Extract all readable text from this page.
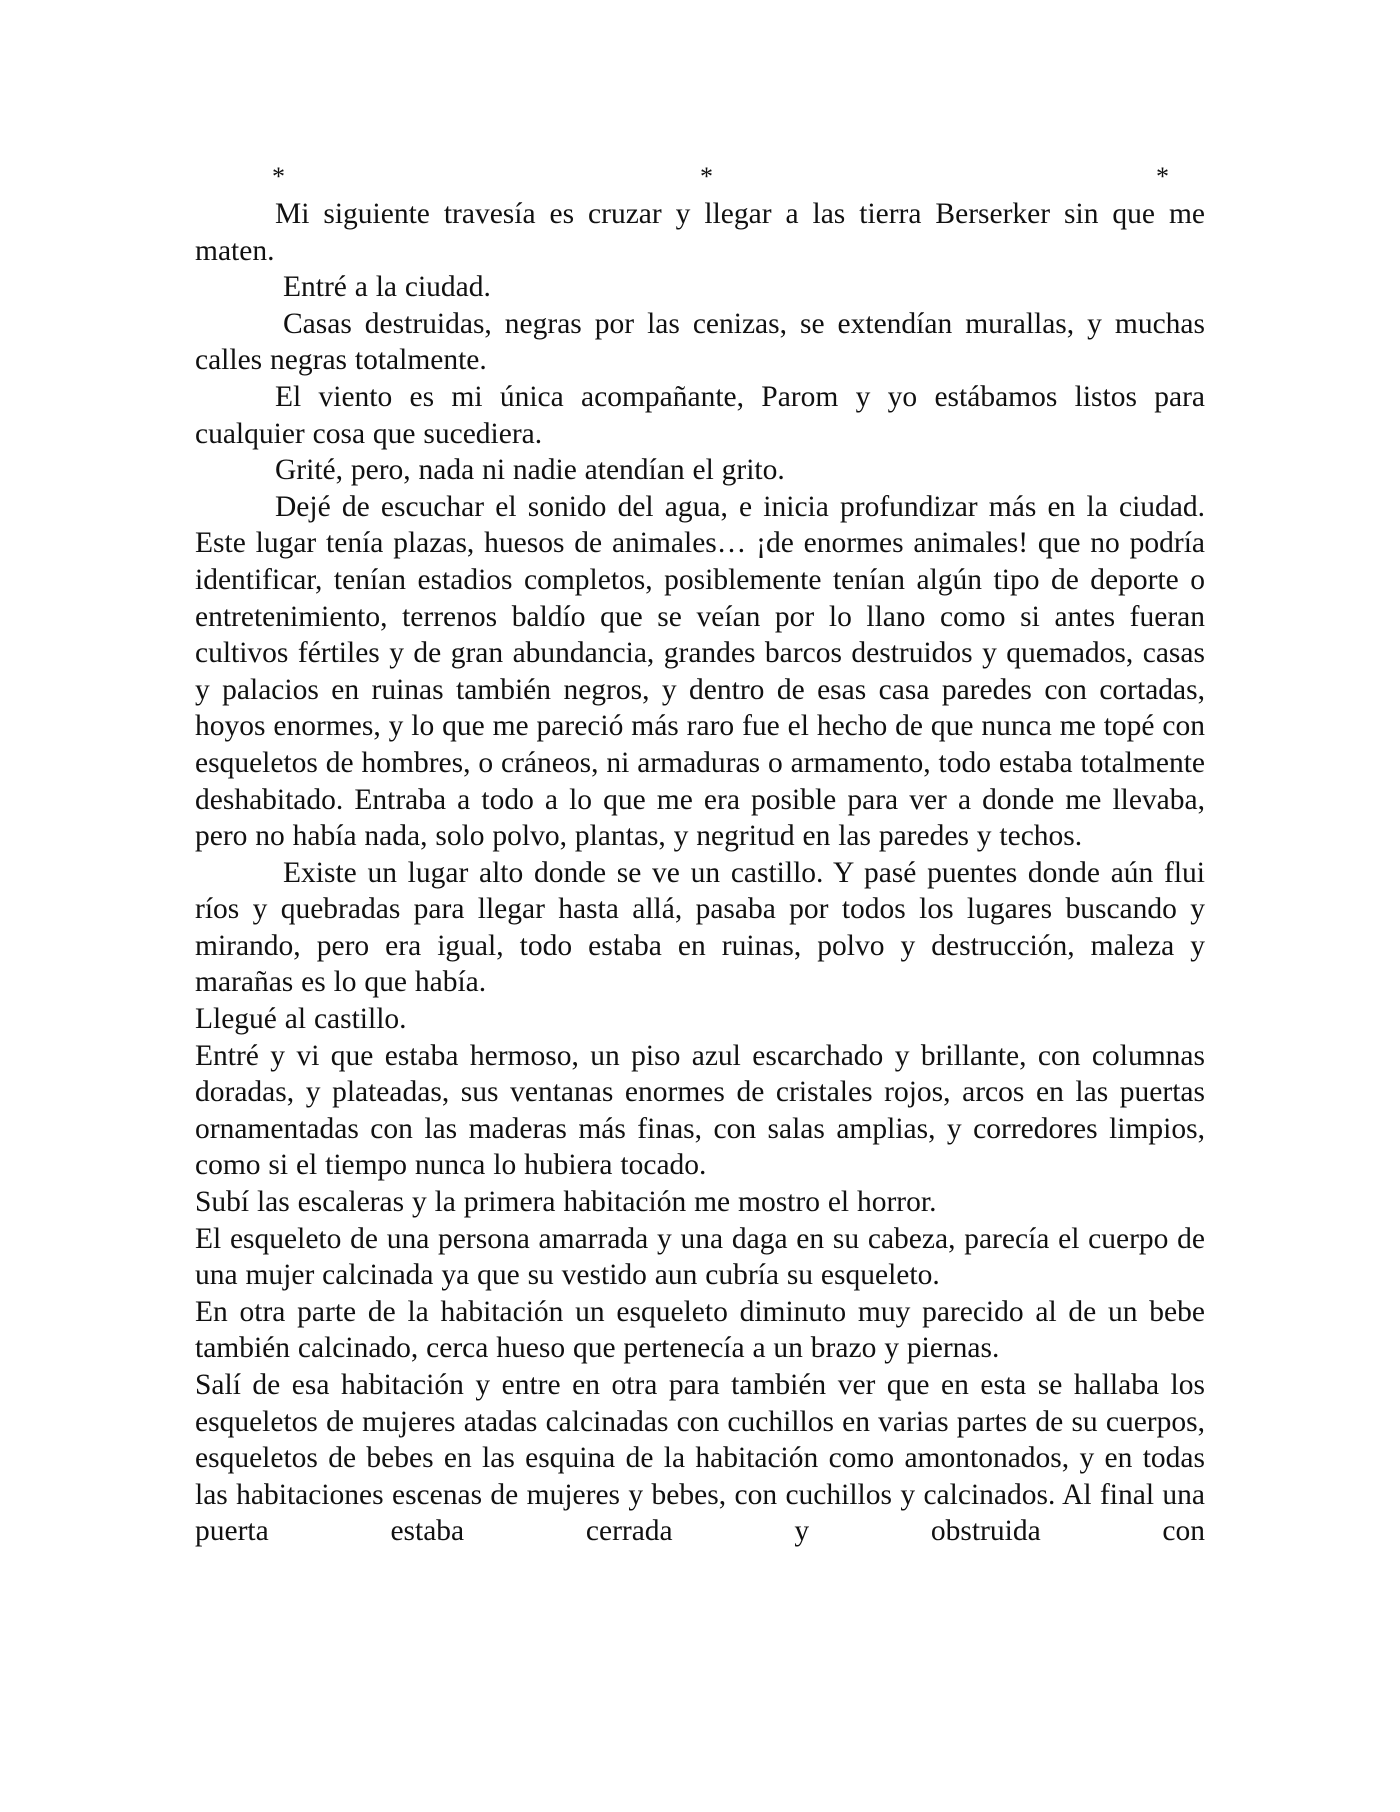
*	*	*

Mi siguiente travesía es cruzar y llegar a las tierra Berserker sin que me maten.

Entré a la ciudad.

Casas destruidas, negras por las cenizas, se extendían murallas, y muchas calles negras totalmente.

El viento es mi única acompañante, Parom y yo estábamos listos para cualquier cosa que sucediera.

Grité, pero, nada ni nadie atendían el grito.

Dejé de escuchar el sonido del agua, e inicia profundizar más en la ciudad. Este lugar tenía plazas, huesos de animales… ¡de enormes animales! que no podría identificar, tenían estadios completos, posiblemente tenían algún tipo de deporte o entretenimiento, terrenos baldío que se veían por lo llano como si antes fueran cultivos fértiles y de gran abundancia, grandes barcos destruidos y quemados, casas y palacios en ruinas también negros, y dentro de esas casa paredes con cortadas, hoyos enormes, y lo que me pareció más raro fue el hecho de que nunca me topé con esqueletos de hombres, o cráneos, ni armaduras o armamento, todo estaba totalmente deshabitado. Entraba a todo a lo que me era posible para ver a donde me llevaba, pero no había nada, solo polvo, plantas, y negritud en las paredes y techos.

Existe un lugar alto donde se ve un castillo. Y pasé puentes donde aún flui ríos y quebradas para llegar hasta allá, pasaba por todos los lugares buscando y mirando, pero era igual, todo estaba en ruinas, polvo y destrucción, maleza y marañas es lo que había.

Llegué al castillo.

Entré y vi que estaba hermoso, un piso azul escarchado y brillante, con columnas doradas, y plateadas, sus ventanas enormes de cristales rojos, arcos en las puertas ornamentadas con las maderas más finas, con salas amplias, y corredores limpios, como si el tiempo nunca lo hubiera tocado.

Subí las escaleras y la primera habitación me mostro el horror.

El esqueleto de una persona amarrada y una daga en su cabeza, parecía el cuerpo de una mujer calcinada ya que su vestido aun cubría su esqueleto.

En otra parte de la habitación un esqueleto diminuto muy parecido al de un bebe también calcinado, cerca hueso que pertenecía a un brazo y piernas.

Salí de esa habitación y entre en otra para también ver que en esta se hallaba los esqueletos de mujeres atadas calcinadas con cuchillos en varias partes de su cuerpos, esqueletos de bebes en las esquina de la habitación como amontonados, y en todas las habitaciones escenas de mujeres y bebes, con cuchillos y calcinados. Al final una puerta estaba cerrada y obstruida con
